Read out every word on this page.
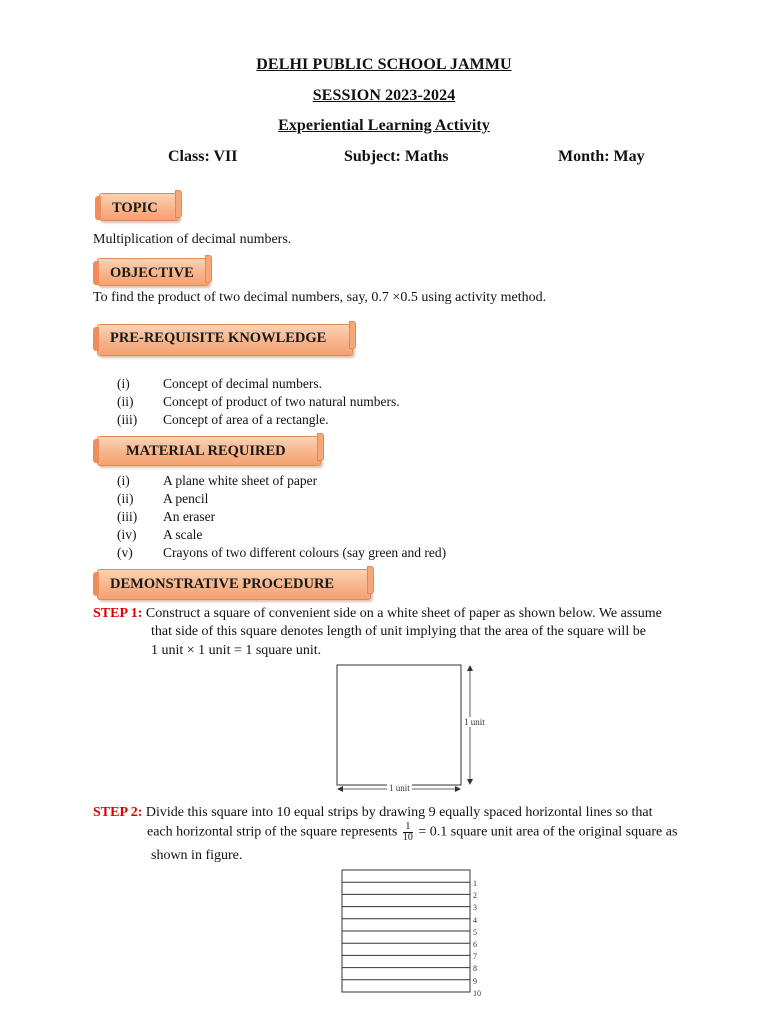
DELHI PUBLIC SCHOOL JAMMU
SESSION 2023-2024
Experiential Learning Activity
Class: VII	Subject: Maths	Month: May
TOPIC
Multiplication of decimal numbers.
OBJECTIVE
To find the product of two decimal numbers, say, 0.7 ×0.5 using activity method.
PRE-REQUISITE KNOWLEDGE
(i)	Concept of decimal numbers.
(ii)	Concept of product of two natural numbers.
(iii)	Concept of area of a rectangle.
MATERIAL REQUIRED
(i)	A plane white sheet of paper
(ii)	A pencil
(iii)	An eraser
(iv)	A scale
(v)	Crayons of two different colours (say green and red)
DEMONSTRATIVE PROCEDURE
STEP 1: Construct a square of convenient side on a white sheet of paper as shown below. We assume
that side of this square denotes length of unit implying that the area of the square will be
1 unit × 1 unit = 1 square unit.
1 unit
1 unit
STEP 2: Divide this square into 10 equal strips by drawing 9 equally spaced horizontal lines so that
each horizontal strip of the square represents $\frac{1}{10} = 0.1$ square unit area of the original square as
shown in figure.
1
2
3
4
5
6
7
8
9
10
